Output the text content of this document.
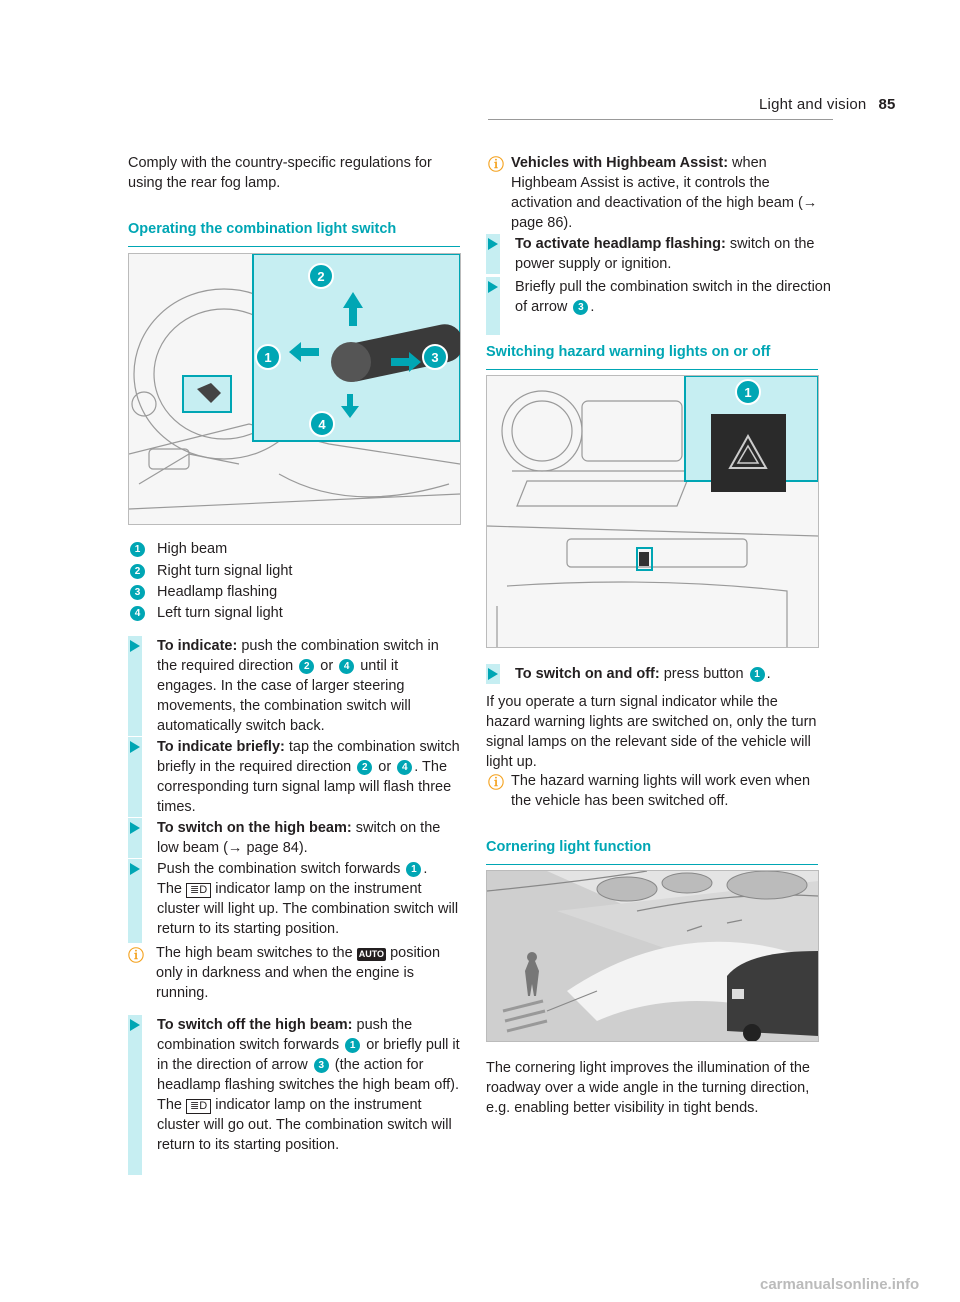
Light and vision 85

Comply with the country-specific regulations for using the rear fog lamp.

Operating the combination light switch
2
1	3
4
1 High beam
2 Right turn signal light
3 Headlamp flashing
4 Left turn signal light
To indicate: push the combination switch in the required direction 2 or 4 until it engages. In the case of larger steering movements, the combination switch will automatically switch back.
To indicate briefly: tap the combination switch briefly in the required direction 2 or 4 . The corresponding turn signal lamp will flash three times.
To switch on the high beam: switch on the low beam (→ page 84).
Push the combination switch forwards 1 .
The ≣D indicator lamp on the instrument cluster will light up. The combination switch will return to its starting position.
ⓘ The high beam switches to the AUTO position only in darkness and when the engine is running.

To switch off the high beam: push the combination switch forwards 1 or briefly pull it in the direction of arrow 3 (the action for headlamp flashing switches the high beam off).
The ≣D indicator lamp on the instrument cluster will go out. The combination switch will return to its starting position.
ⓘ Vehicles with Highbeam Assist: when Highbeam Assist is active, it controls the activation and deactivation of the high beam (→ page 86).

To activate headlamp flashing: switch on the power supply or ignition.
Briefly pull the combination switch in the direction of arrow 3 .
Switching hazard warning lights on or off
1
To switch on and off: press button 1 .

If you operate a turn signal indicator while the hazard warning lights are switched on, only the turn signal lamps on the relevant side of the vehicle will light up.

ⓘ The hazard warning lights will work even when the vehicle has been switched off.

Cornering light function

The cornering light improves the illumination of the roadway over a wide angle in the turning direction, e.g. enabling better visibility in tight bends.

carmanualsonline.info
